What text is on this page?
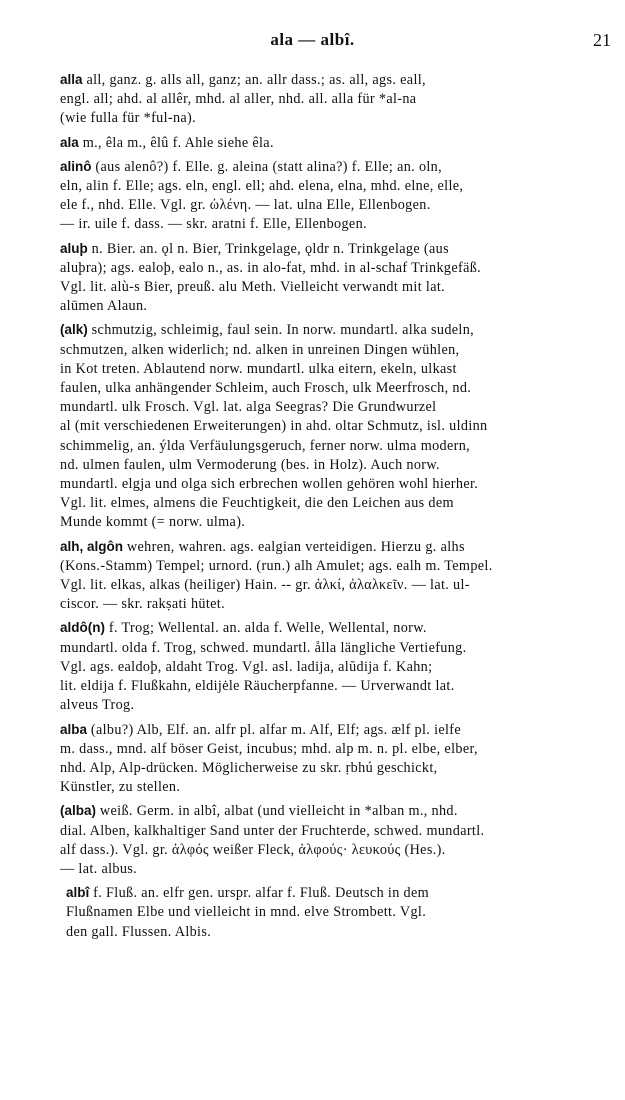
ala — albî.	21
alla all, ganz. g. alls all, ganz; an. allr dass.; as. all, ags. eall,
engl. all; ahd. al allêr, mhd. al aller, nhd. all. alla für *al-na
(wie fulla für *ful-na).
ala m., êla m., êlû f. Ahle siehe êla.
alinô (aus alenô?) f. Elle. g. aleina (statt alina?) f. Elle; an. oln,
eln, alin f. Elle; ags. eln, engl. ell; ahd. elena, elna, mhd. elne, elle,
ele f., nhd. Elle. Vgl. gr. ὠλένη. — lat. ulna Elle, Ellenbogen.
— ir. uile f. dass. — skr. aratni f. Elle, Ellenbogen.
aluþ n. Bier. an. ǫl n. Bier, Trinkgelage, ǫldr n. Trinkgelage (aus
aluþra); ags. ealoþ, ealo n., as. in alo-fat, mhd. in al-schaf Trinkgefäß.
Vgl. lit. alù-s Bier, preuß. alu Meth. Vielleicht verwandt mit lat.
alūmen Alaun.
(alk) schmutzig, schleimig, faul sein. In norw. mundartl. alka sudeln,
schmutzen, alken widerlich; nd. alken in unreinen Dingen wühlen,
in Kot treten. Ablautend norw. mundartl. ulka eitern, ekeln, ulkast
faulen, ulka anhängender Schleim, auch Frosch, ulk Meerfrosch, nd.
mundartl. ulk Frosch. Vgl. lat. alga Seegras? Die Grundwurzel
al (mit verschiedenen Erweiterungen) in ahd. oltar Schmutz, isl. uldinn
schimmelig, an. ýlda Verfäulungsgeruch, ferner norw. ulma modern,
nd. ulmen faulen, ulm Vermoderung (bes. in Holz). Auch norw.
mundartl. elgja und olga sich erbrechen wollen gehören wohl hierher.
Vgl. lit. elmes, almens die Feuchtigkeit, die den Leichen aus dem
Munde kommt (= norw. ulma).
alh, algôn wehren, wahren. ags. ealgian verteidigen. Hierzu g. alhs
(Kons.-Stamm) Tempel; urnord. (run.) alh Amulet; ags. ealh m. Tempel.
Vgl. lit. elkas, alkas (heiliger) Hain. -- gr. ἀλκί, ἀλαλκεῖν. — lat. ul-
ciscor. — skr. rakṣati hütet.
aldô(n) f. Trog; Wellental. an. alda f. Welle, Wellental, norw.
mundartl. olda f. Trog, schwed. mundartl. ålla längliche Vertiefung.
Vgl. ags. ealdoþ, aldaht Trog. Vgl. asl. ladija, alŭdija f. Kahn;
lit. eldija f. Flußkahn, eldijėle Räucherpfanne. — Urverwandt lat.
alveus Trog.
alba (albu?) Alb, Elf. an. alfr pl. alfar m. Alf, Elf; ags. ælf pl. ielfe
m. dass., mnd. alf böser Geist, incubus; mhd. alp m. n. pl. elbe, elber,
nhd. Alp, Alp-drücken. Möglicherweise zu skr. ṛbhú geschickt,
Künstler, zu stellen.
(alba) weiß. Germ. in albî, albat (und vielleicht in *alban m., nhd.
dial. Alben, kalkhaltiger Sand unter der Fruchterde, schwed. mundartl.
alf dass.). Vgl. gr. ἀλφός weißer Fleck, ἀλφούς· λευκούς (Hes.).
— lat. albus.
albî f. Fluß. an. elfr gen. urspr. alfar f. Fluß. Deutsch in dem
Flußnamen Elbe und vielleicht in mnd. elve Strombett. Vgl.
den gall. Flussen. Albis.
